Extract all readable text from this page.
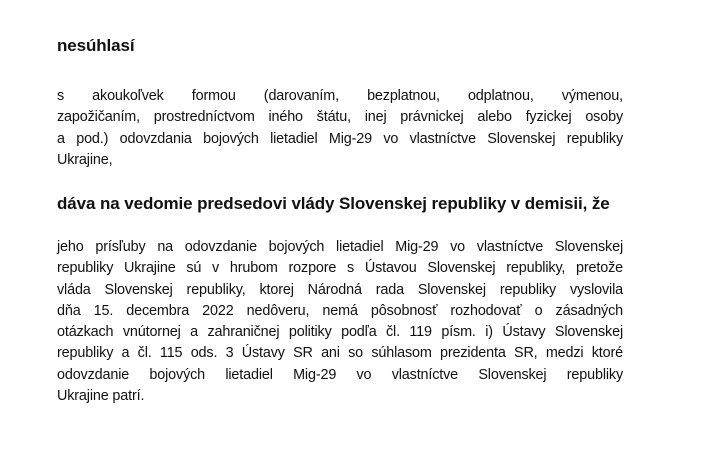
nesúhlasí
s akoukoľvek formou (darovaním, bezplatnou, odplatnou, výmenou,
zapožičaním, prostredníctvom iného štátu, inej právnickej alebo fyzickej osoby
a pod.) odovzdania bojových lietadiel Mig-29 vo vlastníctve Slovenskej republiky
Ukrajine,
dáva na vedomie predsedovi vlády Slovenskej republiky v demisii, že
jeho prísľuby na odovzdanie bojových lietadiel Mig-29 vo vlastníctve Slovenskej
republiky Ukrajine sú v hrubom rozpore s Ústavou Slovenskej republiky, pretože
vláda Slovenskej republiky, ktorej Národná rada Slovenskej republiky vyslovila
dňa 15. decembra 2022 nedôveru, nemá pôsobnosť rozhodovať o zásadných
otázkach vnútornej a zahraničnej politiky podľa čl. 119 písm. i) Ústavy Slovenskej
republiky a čl. 115 ods. 3 Ústavy SR ani so súhlasom prezidenta SR, medzi ktoré
odovzdanie bojových lietadiel Mig-29 vo vlastníctve Slovenskej republiky
Ukrajine patrí.
